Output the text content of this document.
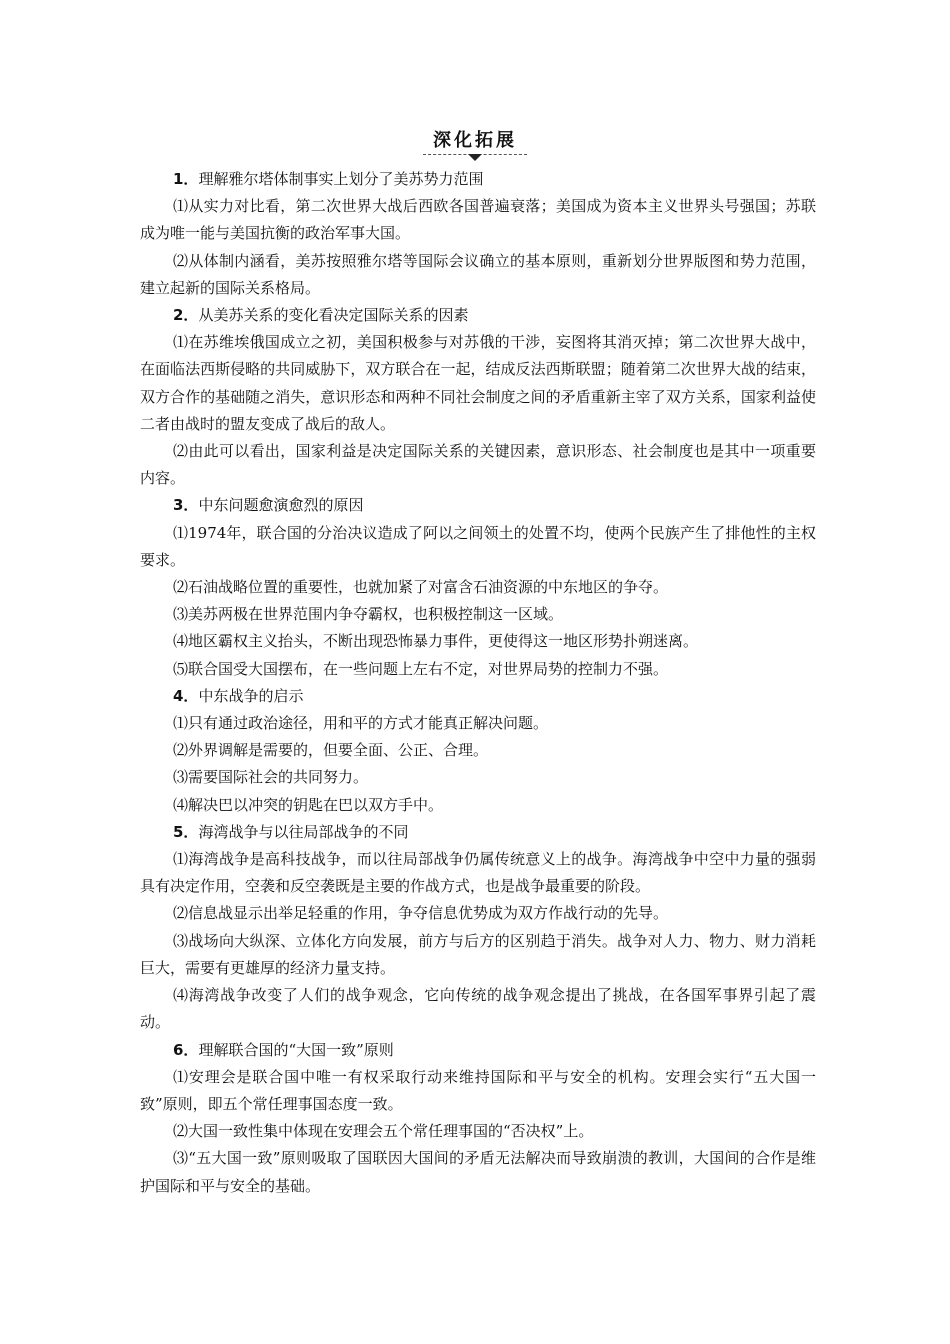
深化拓展

1．理解雅尔塔体制事实上划分了美苏势力范围

⑴从实力对比看，第二次世界大战后西欧各国普遍衰落；美国成为资本主义世界头号强国；苏联成为唯一能与美国抗衡的政治军事大国。

⑵从体制内涵看，美苏按照雅尔塔等国际会议确立的基本原则，重新划分世界版图和势力范围，建立起新的国际关系格局。

2．从美苏关系的变化看决定国际关系的因素

⑴在苏维埃俄国成立之初，美国积极参与对苏俄的干涉，妄图将其消灭掉；第二次世界大战中，在面临法西斯侵略的共同威胁下，双方联合在一起，结成反法西斯联盟；随着第二次世界大战的结束，双方合作的基础随之消失，意识形态和两种不同社会制度之间的矛盾重新主宰了双方关系，国家利益使二者由战时的盟友变成了战后的敌人。

⑵由此可以看出，国家利益是决定国际关系的关键因素，意识形态、社会制度也是其中一项重要内容。

3．中东问题愈演愈烈的原因

⑴1974年，联合国的分治决议造成了阿以之间领土的处置不均，使两个民族产生了排他性的主权要求。

⑵石油战略位置的重要性，也就加紧了对富含石油资源的中东地区的争夺。

⑶美苏两极在世界范围内争夺霸权，也积极控制这一区域。

⑷地区霸权主义抬头，不断出现恐怖暴力事件，更使得这一地区形势扑朔迷离。

⑸联合国受大国摆布，在一些问题上左右不定，对世界局势的控制力不强。

4．中东战争的启示

⑴只有通过政治途径，用和平的方式才能真正解决问题。

⑵外界调解是需要的，但要全面、公正、合理。

⑶需要国际社会的共同努力。

⑷解决巴以冲突的钥匙在巴以双方手中。

5．海湾战争与以往局部战争的不同

⑴海湾战争是高科技战争，而以往局部战争仍属传统意义上的战争。海湾战争中空中力量的强弱具有决定作用，空袭和反空袭既是主要的作战方式，也是战争最重要的阶段。

⑵信息战显示出举足轻重的作用，争夺信息优势成为双方作战行动的先导。

⑶战场向大纵深、立体化方向发展，前方与后方的区别趋于消失。战争对人力、物力、财力消耗巨大，需要有更雄厚的经济力量支持。

⑷海湾战争改变了人们的战争观念，它向传统的战争观念提出了挑战，在各国军事界引起了震动。

6．理解联合国的“大国一致”原则

⑴安理会是联合国中唯一有权采取行动来维持国际和平与安全的机构。安理会实行“五大国一致”原则，即五个常任理事国态度一致。

⑵大国一致性集中体现在安理会五个常任理事国的“否决权”上。

⑶“五大国一致”原则吸取了国联因大国间的矛盾无法解决而导致崩溃的教训，大国间的合作是维护国际和平与安全的基础。
